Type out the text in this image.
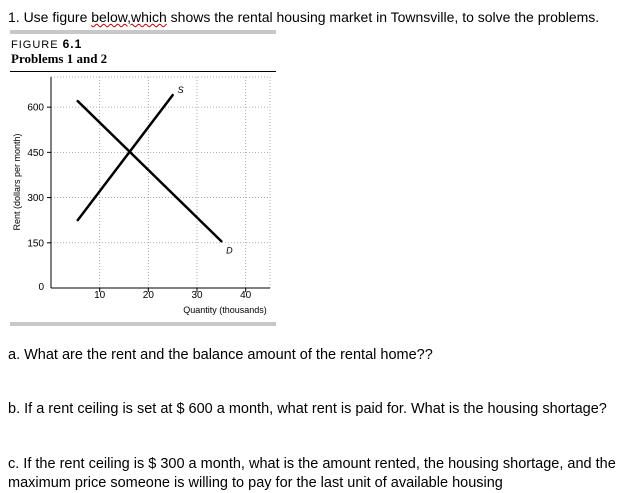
1. Use figure below,which shows the rental housing market in Townsville, to solve the problems.
FIGURE 6.1
Problems 1 and 2
10	20	30	40
150
300
450
600
0
S
D
Rent (dollars per month)
Quantity (thousands)
a. What are the rent and the balance amount of the rental home??
b. If a rent ceiling is set at $ 600 a month, what rent is paid for. What is the housing shortage?
c. If the rent ceiling is $ 300 a month, what is the amount rented, the housing shortage, and the maximum price someone is willing to pay for the last unit of available housing
